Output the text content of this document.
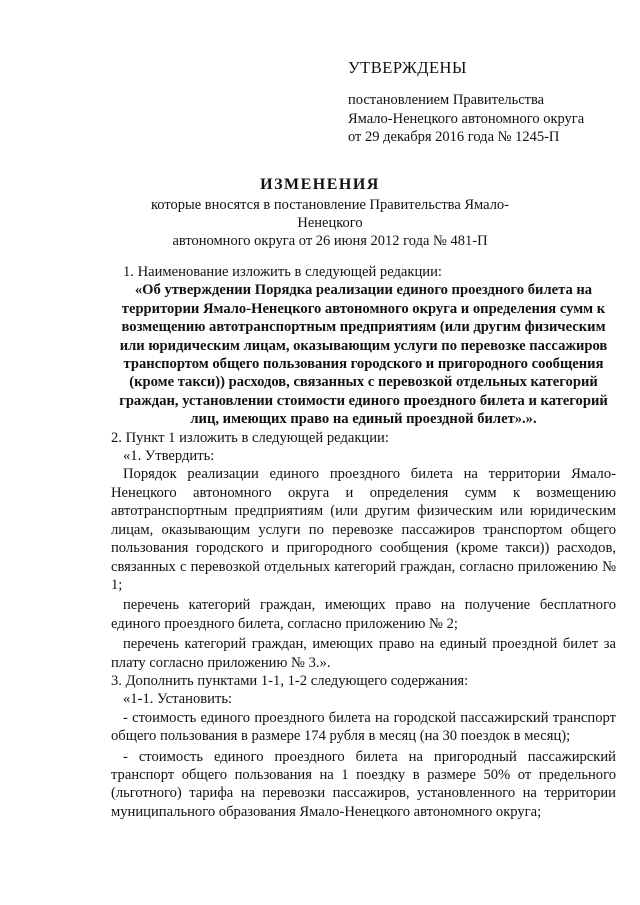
УТВЕРЖДЕНЫ
постановлением Правительства
Ямало-Ненецкого автономного округа
от 29 декабря 2016 года № 1245-П
ИЗМЕНЕНИЯ
которые вносятся в постановление Правительства Ямало-Ненецкого
автономного округа от 26 июня 2012 года № 481-П

1. Наименование изложить в следующей редакции:

«Об утверждении Порядка реализации единого проездного билета на территории Ямало-Ненецкого автономного округа и определения сумм к возмещению автотранспортным предприятиям (или другим физическим или юридическим лицам, оказывающим услуги по перевозке пассажиров транспортом общего пользования городского и пригородного сообщения (кроме такси)) расходов, связанных с перевозкой отдельных категорий граждан, установлении стоимости единого проездного билета и категорий лиц, имеющих право на единый проездной билет».».

2. Пункт 1 изложить в следующей редакции:

«1. Утвердить:

Порядок реализации единого проездного билета на территории Ямало-Ненецкого автономного округа и определения сумм к возмещению автотранспортным предприятиям (или другим физическим или юридическим лицам, оказывающим услуги по перевозке пассажиров транспортом общего пользования городского и пригородного сообщения (кроме такси)) расходов, связанных с перевозкой отдельных категорий граждан, согласно приложению № 1;

перечень категорий граждан, имеющих право на получение бесплатного единого проездного билета, согласно приложению № 2;

перечень категорий граждан, имеющих право на единый проездной билет за плату согласно приложению № 3.».

3. Дополнить пунктами 1-1, 1-2 следующего содержания:

«1-1. Установить:

- стоимость единого проездного билета на городской пассажирский транспорт общего пользования в размере 174 рубля в месяц (на 30 поездок в месяц);

- стоимость единого проездного билета на пригородный пассажирский транспорт общего пользования на 1 поездку в размере 50% от предельного (льготного) тарифа на перевозки пассажиров, установленного на территории муниципального образования Ямало-Ненецкого автономного округа;
